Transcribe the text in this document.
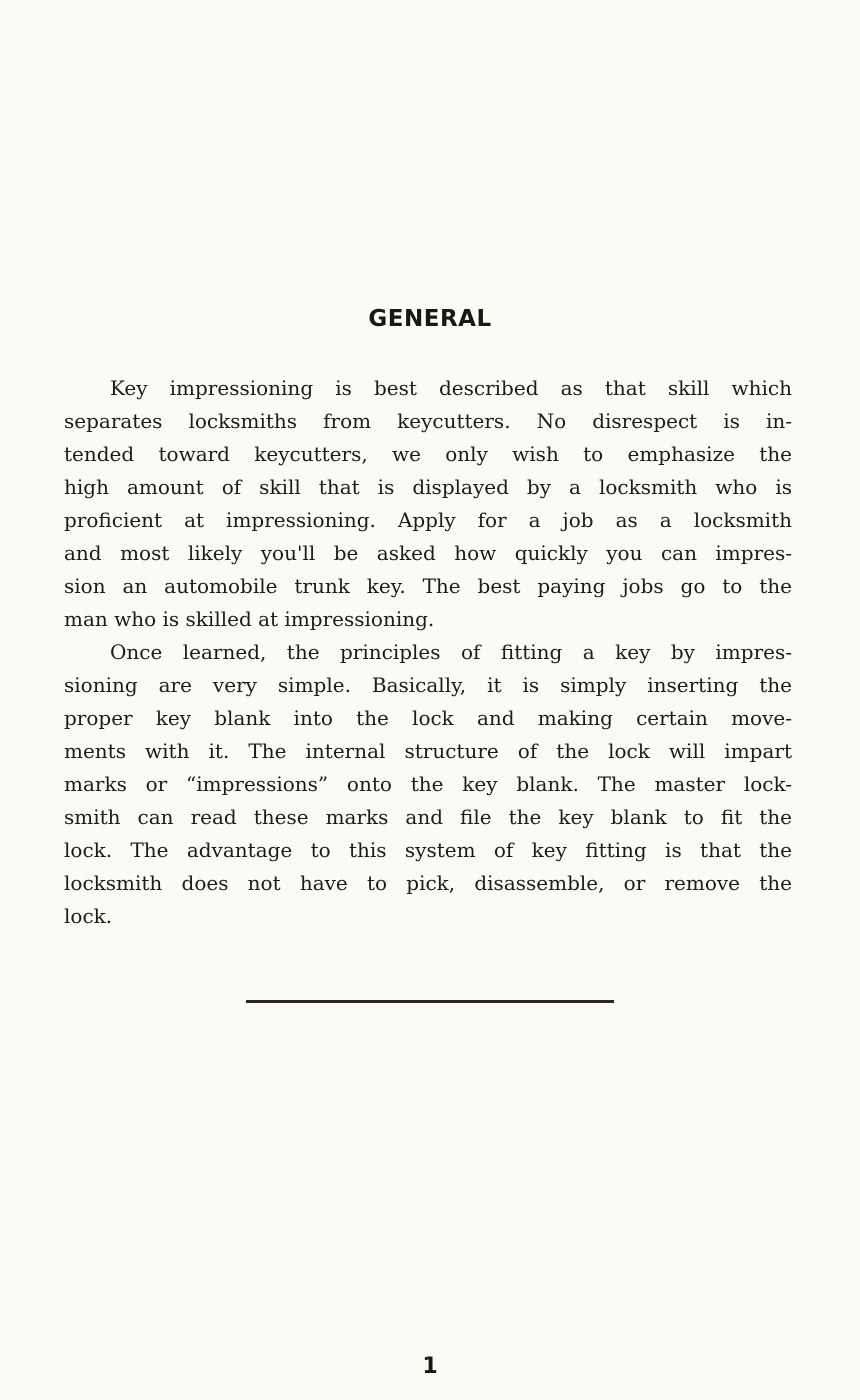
GENERAL
Key impressioning is best described as that skill which
separates locksmiths from keycutters. No disrespect is in-
tended toward keycutters, we only wish to emphasize the
high amount of skill that is displayed by a locksmith who is
proficient at impressioning. Apply for a job as a locksmith
and most likely you'll be asked how quickly you can impres-
sion an automobile trunk key. The best paying jobs go to the
man who is skilled at impressioning.
Once learned, the principles of fitting a key by impres-
sioning are very simple. Basically, it is simply inserting the
proper key blank into the lock and making certain move-
ments with it. The internal structure of the lock will impart
marks or “impressions” onto the key blank. The master lock-
smith can read these marks and file the key blank to fit the
lock. The advantage to this system of key fitting is that the
locksmith does not have to pick, disassemble, or remove the
lock.
1
